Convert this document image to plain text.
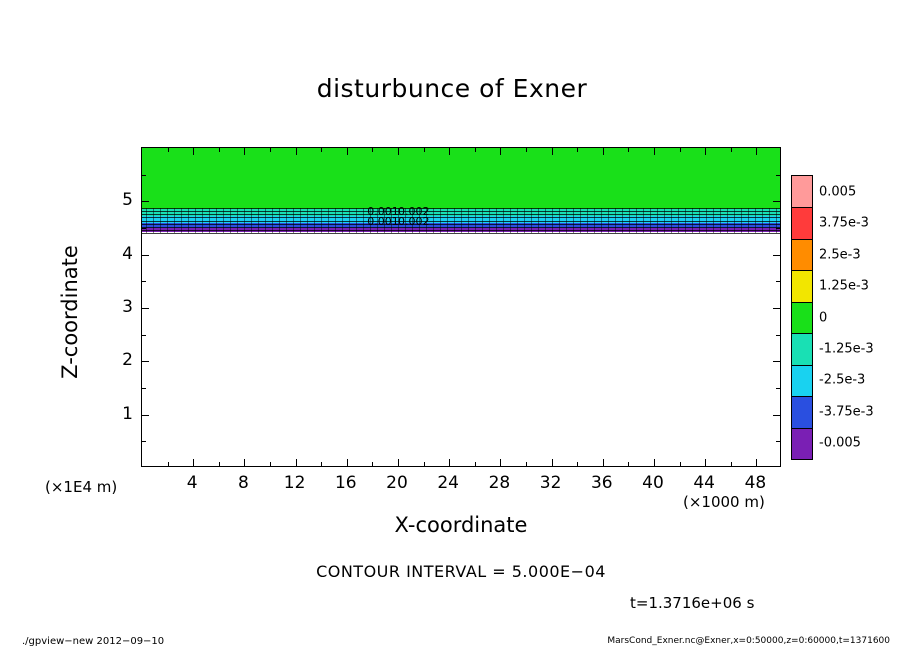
disturbunce of Exner
0.001 0.002
0.001 0.002
X-coordinate
Z-coordinate
(×1E4 m)
(×1000 m)
0.005
3.75e-3
2.5e-3
1.25e-3
0
-1.25e-3
-2.5e-3
-3.75e-3
-0.005
CONTOUR INTERVAL = 5.000E−04
t=1.3716e+06 s
./gpview−new 2012−09−10	MarsCond_Exner.nc@Exner,x=0:50000,z=0:60000,t=1371600
4 8 12 16 20 24 28 32 36 40 44 48
1
2
3
4
5
